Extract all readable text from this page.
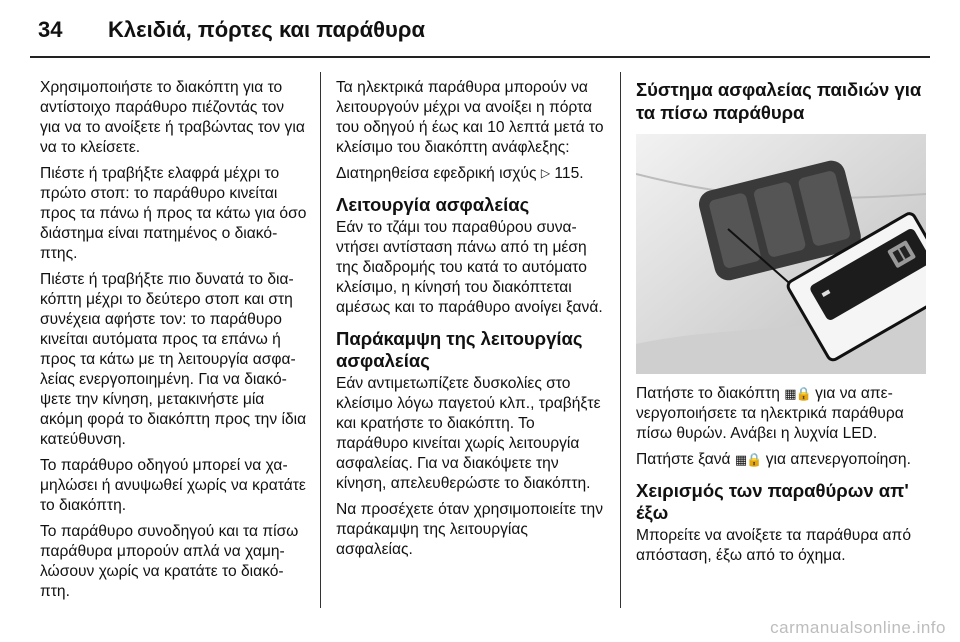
34	Κλειδιά, πόρτες και παράθυρα

Χρησιμοποιήστε το διακόπτη για το αντίστοιχο παράθυρο πιέζοντάς τον για να το ανοίξετε ή τραβώντας τον για να το κλείσετε.

Πιέστε ή τραβήξτε ελαφρά μέχρι το πρώτο στοπ: το παράθυρο κινείται προς τα πάνω ή προς τα κάτω για όσο διάστημα είναι πατημένος ο διακόπτης.

Πιέστε ή τραβήξτε πιο δυνατά το διακόπτη μέχρι το δεύτερο στοπ και στη συνέχεια αφήστε τον: το παράθυρο κινείται αυτόματα προς τα επάνω ή προς τα κάτω με τη λειτουργία ασφαλείας ενεργοποιημένη. Για να διακόψετε την κίνηση, μετακινήστε μία ακόμη φορά το διακόπτη προς την ίδια κατεύθυνση.

Το παράθυρο οδηγού μπορεί να χαμηλώσει ή ανυψωθεί χωρίς να κρατάτε το διακόπτη.

Το παράθυρο συνοδηγού και τα πίσω παράθυρα μπορούν απλά να χαμηλώσουν χωρίς να κρατάτε το διακόπτη.

Τα ηλεκτρικά παράθυρα μπορούν να λειτουργούν μέχρι να ανοίξει η πόρτα του οδηγού ή έως και 10 λεπτά μετά το κλείσιμο του διακόπτη ανάφλεξης:

Διατηρηθείσα εφεδρική ισχύς ▷ 115.

Λειτουργία ασφαλείας

Εάν το τζάμι του παραθύρου συναντήσει αντίσταση πάνω από τη μέση της διαδρομής του κατά το αυτόματο κλείσιμο, η κίνησή του διακόπτεται αμέσως και το παράθυρο ανοίγει ξανά.

Παράκαμψη της λειτουργίας ασφαλείας

Εάν αντιμετωπίζετε δυσκολίες στο κλείσιμο λόγω παγετού κλπ., τραβήξτε και κρατήστε το διακόπτη. Το παράθυρο κινείται χωρίς λειτουργία ασφαλείας. Για να διακόψετε την κίνηση, απελευθερώστε το διακόπτη.

Να προσέχετε όταν χρησιμοποιείτε την παράκαμψη της λειτουργίας ασφαλείας.

Σύστημα ασφαλείας παιδιών για τα πίσω παράθυρα

Πατήστε το διακόπτη ▦🔒 για να απενεργοποιήσετε τα ηλεκτρικά παράθυρα πίσω θυρών. Ανάβει η λυχνία LED.

Πατήστε ξανά ▦🔒 για απενεργοποίηση.

Χειρισμός των παραθύρων απ' έξω

Μπορείτε να ανοίξετε τα παράθυρα από απόσταση, έξω από το όχημα.

carmanualsonline.info
